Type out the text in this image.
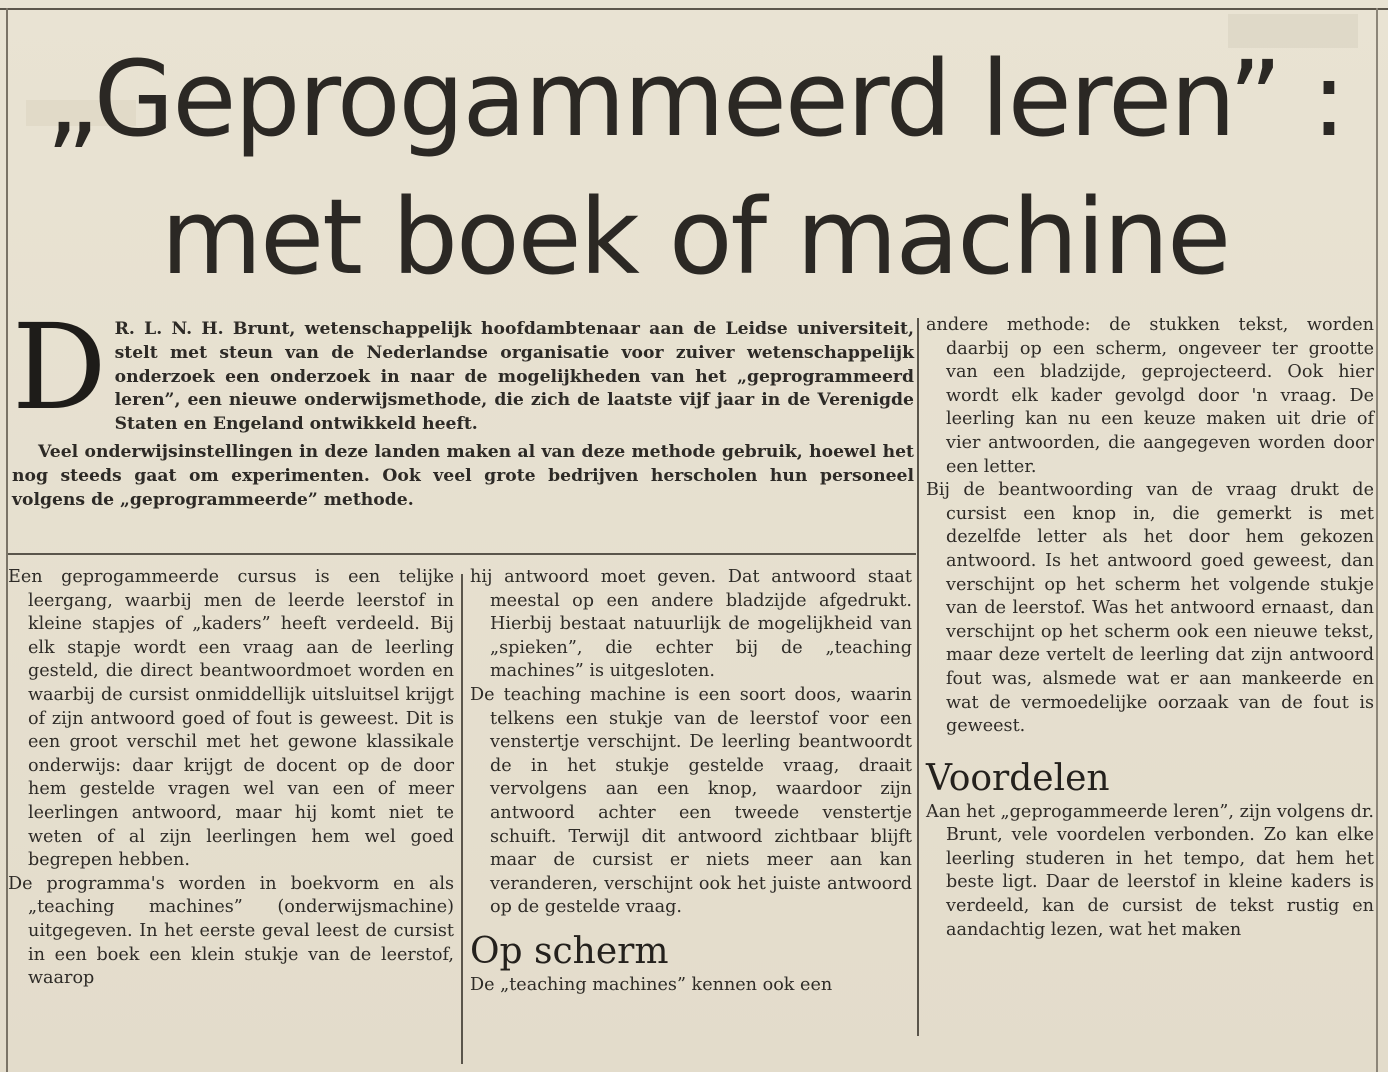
„Geprogammeerd leren” :
met boek of machine
D R. L. N. H. Brunt, wetenschappelijk hoofdambtenaar aan de Leidse universiteit, stelt met steun van de Nederlandse organisatie voor zuiver wetenschappelijk onderzoek een onderzoek in naar de mogelijkheden van het „geprogrammeerd leren”, een nieuwe onderwijsmethode, die zich de laatste vijf jaar in de Verenigde Staten en Engeland ontwikkeld heeft.

Veel onderwijsinstellingen in deze landen maken al van deze methode gebruik, hoewel het nog steeds gaat om experimenten. Ook veel grote bedrijven herscholen hun personeel volgens de „geprogrammeerde” methode.

Een geprogammeerde cursus is een telijke leergang, waarbij men de leerde leerstof in kleine stapjes of „kaders” heeft verdeeld. Bij elk stapje wordt een vraag aan de leerling gesteld, die direct beantwoordmoet worden en waarbij de cursist onmiddellijk uitsluitsel krijgt of zijn antwoord goed of fout is geweest. Dit is een groot verschil met het gewone klassikale onderwijs: daar krijgt de docent op de door hem gestelde vragen wel van een of meer leerlingen antwoord, maar hij komt niet te weten of al zijn leerlingen hem wel goed begrepen hebben.

De programma's worden in boekvorm en als „teaching machines” (onderwijsmachine) uitgegeven. In het eerste geval leest de cursist in een boek een klein stukje van de leerstof, waarop

hij antwoord moet geven. Dat antwoord staat meestal op een andere bladzijde afgedrukt. Hierbij bestaat natuurlijk de mogelijkheid van „spieken”, die echter bij de „teaching machines” is uitgesloten.

De teaching machine is een soort doos, waarin telkens een stukje van de leerstof voor een venstertje verschijnt. De leerling beantwoordt de in het stukje gestelde vraag, draait vervolgens aan een knop, waardoor zijn antwoord achter een tweede venstertje schuift. Terwijl dit antwoord zichtbaar blijft maar de cursist er niets meer aan kan veranderen, verschijnt ook het juiste antwoord op de gestelde vraag.

Op scherm

De „teaching machines” kennen ook een

andere methode: de stukken tekst, worden daarbij op een scherm, ongeveer ter grootte van een bladzijde, geprojecteerd. Ook hier wordt elk kader gevolgd door 'n vraag. De leerling kan nu een keuze maken uit drie of vier antwoorden, die aangegeven worden door een letter.

Bij de beantwoording van de vraag drukt de cursist een knop in, die gemerkt is met dezelfde letter als het door hem gekozen antwoord. Is het antwoord goed geweest, dan verschijnt op het scherm het volgende stukje van de leerstof. Was het antwoord ernaast, dan verschijnt op het scherm ook een nieuwe tekst, maar deze vertelt de leerling dat zijn antwoord fout was, alsmede wat er aan mankeerde en wat de vermoedelijke oorzaak van de fout is geweest.

Voordelen

Aan het „geprogammeerde leren”, zijn volgens dr. Brunt, vele voordelen verbonden. Zo kan elke leerling studeren in het tempo, dat hem het beste ligt. Daar de leerstof in kleine kaders is verdeeld, kan de cursist de tekst rustig en aandachtig lezen, wat het maken
